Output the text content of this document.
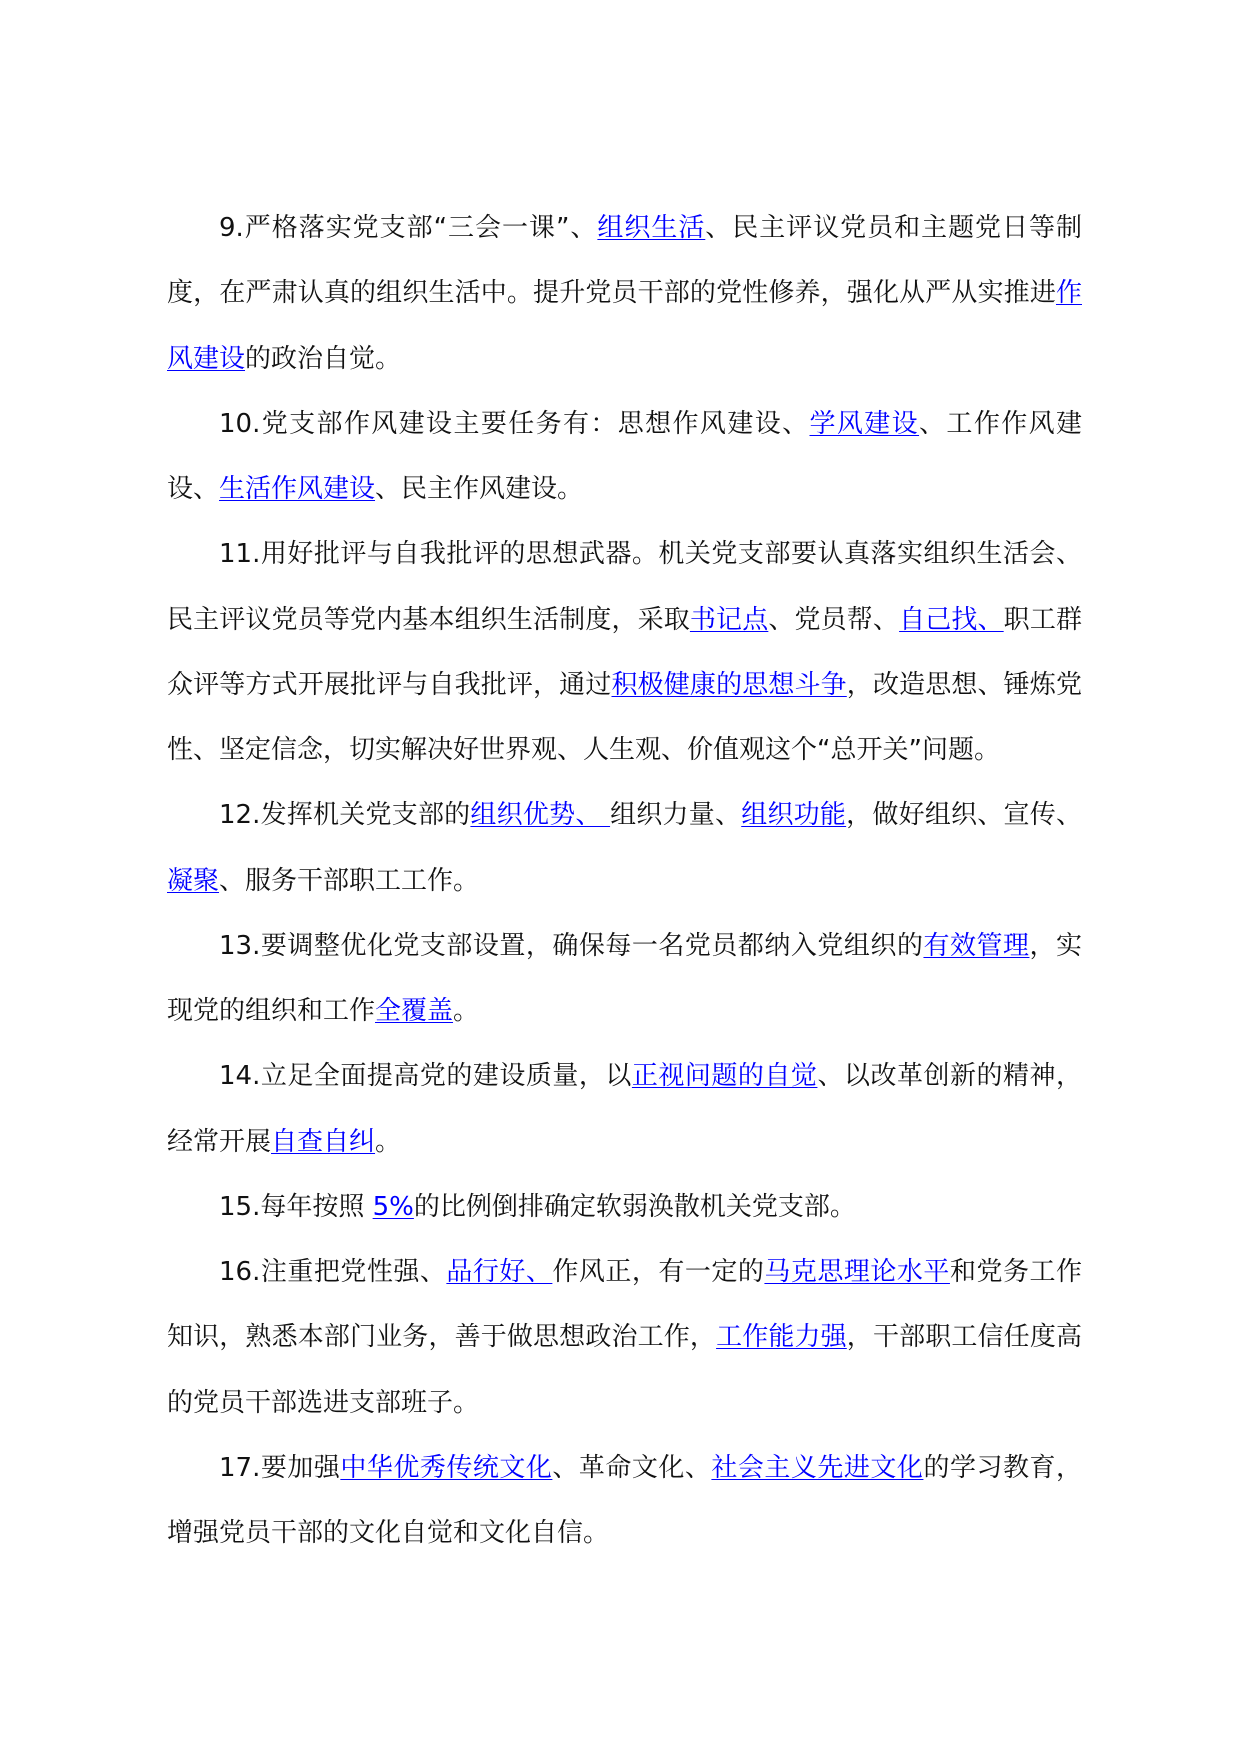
9.严格落实党支部“三会一课”、组织生活、民主评议党员和主题党日等制度，在严肃认真的组织生活中。提升党员干部的党性修养，强化从严从实推进作风建设的政治自觉。

10.党支部作风建设主要任务有：思想作风建设、学风建设、工作作风建设、生活作风建设、民主作风建设。

11.用好批评与自我批评的思想武器。机关党支部要认真落实组织生活会、民主评议党员等党内基本组织生活制度，采取书记点、党员帮、自己找、职工群众评等方式开展批评与自我批评，通过积极健康的思想斗争，改造思想、锤炼党性、坚定信念，切实解决好世界观、人生观、价值观这个“总开关”问题。

12.发挥机关党支部的组织优势、 组织力量、组织功能，做好组织、宣传、凝聚、服务干部职工工作。

13.要调整优化党支部设置，确保每一名党员都纳入党组织的有效管理，实现党的组织和工作全覆盖。

14.立足全面提高党的建设质量，以正视问题的自觉、以改革创新的精神，经常开展自查自纠。

15.每年按照 5%的比例倒排确定软弱涣散机关党支部。

16.注重把党性强、品行好、作风正，有一定的马克思理论水平和党务工作知识，熟悉本部门业务，善于做思想政治工作，工作能力强，干部职工信任度高的党员干部选进支部班子。

17.要加强中华优秀传统文化、革命文化、社会主义先进文化的学习教育，增强党员干部的文化自觉和文化自信。
